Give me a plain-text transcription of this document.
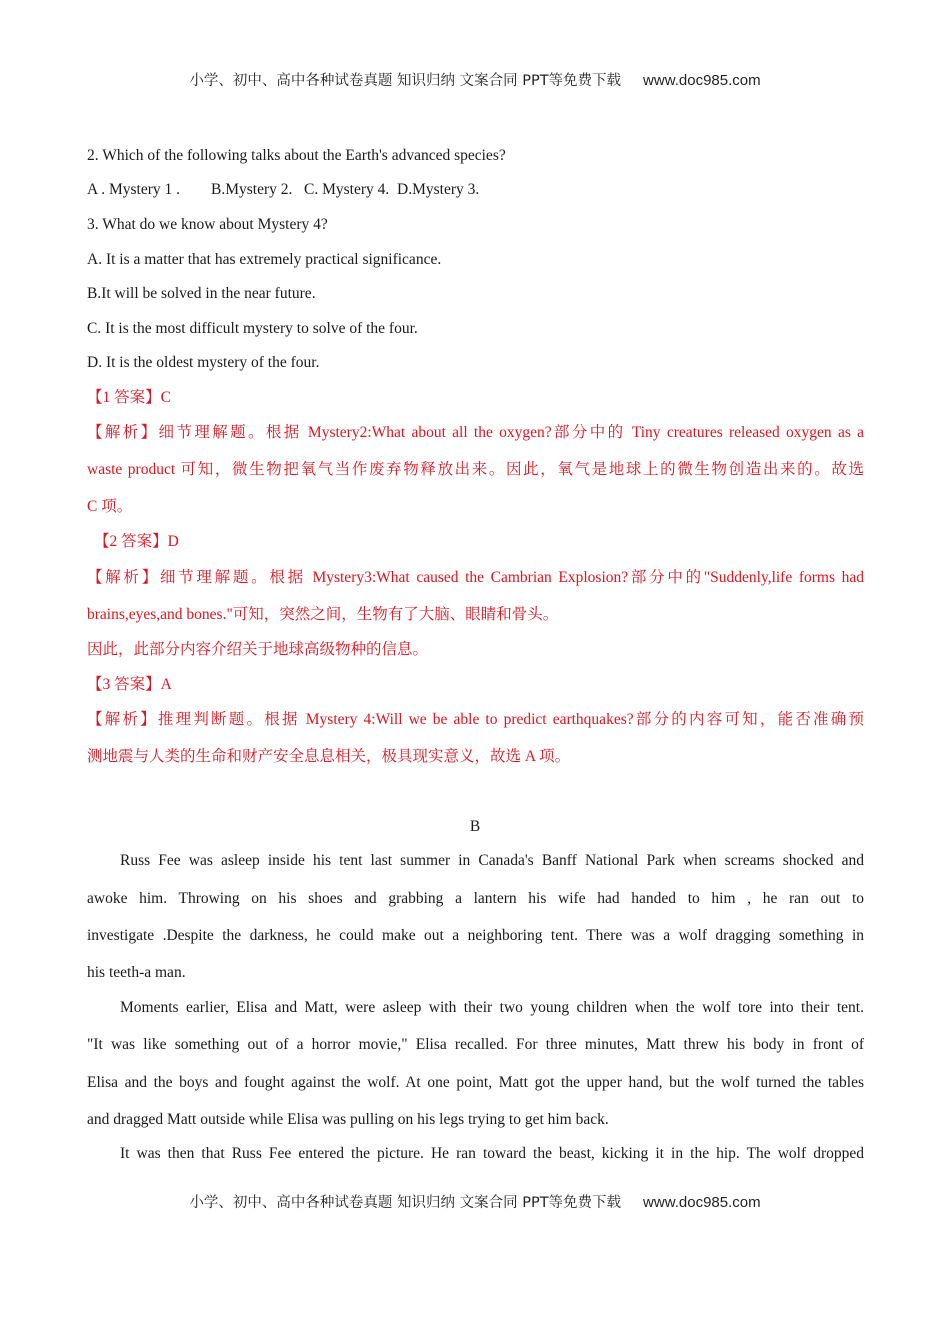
小学、初中、高中各种试卷真题 知识归纳 文案合同 PPT等免费下载 www.doc985.com
2. Which of the following talks about the Earth's advanced species?
A . Mystery 1 .        B.Mystery 2.   C. Mystery 4.  D.Mystery 3.
3. What do we know about Mystery 4?
A. It is a matter that has extremely practical significance.
B.It will be solved in the near future.
C. It is the most difficult mystery to solve of the four.
D. It is the oldest mystery of the four.
【1 答案】C
【解析】细节理解题。根据 Mystery2:What about all the oxygen?部分中的 Tiny creatures released oxygen as a
waste product 可知，微生物把氧气当作废弃物释放出来。因此，氧气是地球上的微生物创造出来的。故选
C 项。
【2 答案】D
【解析】细节理解题。根据 Mystery3:What caused the Cambrian Explosion?部分中的"Suddenly,life forms had
brains,eyes,and bones."可知，突然之间，生物有了大脑、眼睛和骨头。
因此，此部分内容介绍关于地球高级物种的信息。
【3 答案】A
【解析】推理判断题。根据 Mystery 4:Will we be able to predict earthquakes?部分的内容可知，能否准确预
测地震与人类的生命和财产安全息息相关，极具现实意义，故选 A 项。
B
Russ Fee was asleep inside his tent last summer in Canada's Banff National Park when screams shocked and
awoke him. Throwing on his shoes and grabbing a lantern his wife had handed to him , he ran out to
investigate .Despite the darkness, he could make out a neighboring tent. There was a wolf dragging something in
his teeth-a man.
Moments earlier, Elisa and Matt, were asleep with their two young children when the wolf tore into their tent.
"It was like something out of a horror movie," Elisa recalled. For three minutes, Matt threw his body in front of
Elisa and the boys and fought against the wolf. At one point, Matt got the upper hand, but the wolf turned the tables
and dragged Matt outside while Elisa was pulling on his legs trying to get him back.
It was then that Russ Fee entered the picture. He ran toward the beast, kicking it in the hip. The wolf dropped
小学、初中、高中各种试卷真题 知识归纳 文案合同 PPT等免费下载 www.doc985.com
